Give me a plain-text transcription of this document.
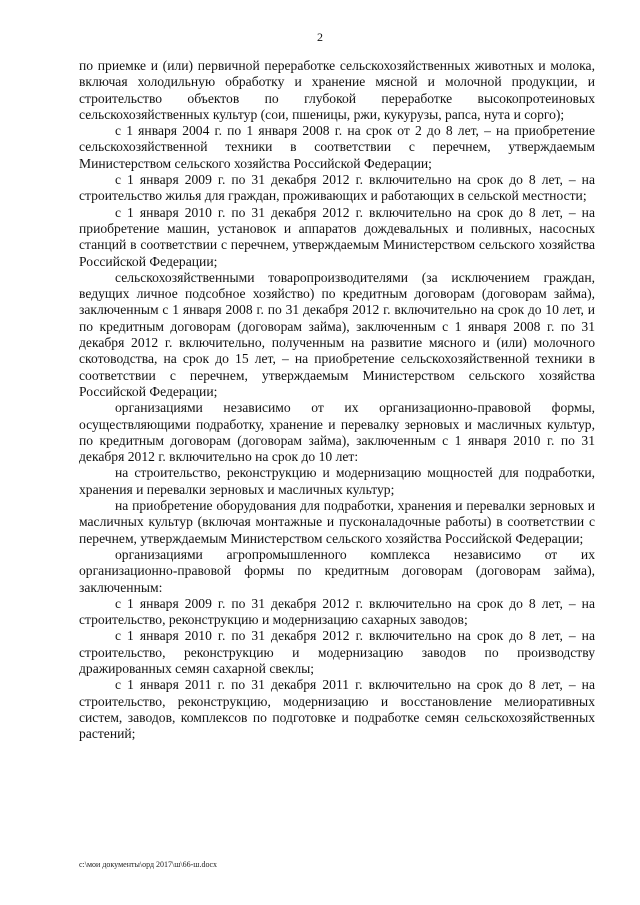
2

по приемке и (или) первичной переработке сельскохозяйственных животных и молока, включая холодильную обработку и хранение мясной и молочной продукции, и строительство объектов по глубокой переработке высокопротеиновых сельскохозяйственных культур (сои, пшеницы, ржи, кукурузы, рапса, нута и сорго);

с 1 января 2004 г. по 1 января 2008 г. на срок от 2 до 8 лет, – на приобретение сельскохозяйственной техники в соответствии с перечнем, утверждаемым Министерством сельского хозяйства Российской Федерации;

с 1 января 2009 г. по 31 декабря 2012 г. включительно на срок до 8 лет, – на строительство жилья для граждан, проживающих и работающих в сельской местности;

с 1 января 2010 г. по 31 декабря 2012 г. включительно на срок до 8 лет, – на приобретение машин, установок и аппаратов дождевальных и поливных, насосных станций в соответствии с перечнем, утверждаемым Министерством сельского хозяйства Российской Федерации;

сельскохозяйственными товаропроизводителями (за исключением граждан, ведущих личное подсобное хозяйство) по кредитным договорам (договорам займа), заключенным с 1 января 2008 г. по 31 декабря 2012 г. включительно на срок до 10 лет, и по кредитным договорам (договорам займа), заключенным с 1 января 2008 г. по 31 декабря 2012 г. включительно, полученным на развитие мясного и (или) молочного скотоводства, на срок до 15 лет, – на приобретение сельскохозяйственной техники в соответствии с перечнем, утверждаемым Министерством сельского хозяйства Российской Федерации;

организациями независимо от их организационно-правовой формы, осуществляющими подработку, хранение и перевалку зерновых и масличных культур, по кредитным договорам (договорам займа), заключенным с 1 января 2010 г. по 31 декабря 2012 г. включительно на срок до 10 лет:

на строительство, реконструкцию и модернизацию мощностей для подработки, хранения и перевалки зерновых и масличных культур;

на приобретение оборудования для подработки, хранения и перевалки зерновых и масличных культур (включая монтажные и пусконаладочные работы) в соответствии с перечнем, утверждаемым Министерством сельского хозяйства Российской Федерации;

организациями агропромышленного комплекса независимо от их организационно-правовой формы по кредитным договорам (договорам займа), заключенным:

с 1 января 2009 г. по 31 декабря 2012 г. включительно на срок до 8 лет, – на строительство, реконструкцию и модернизацию сахарных заводов;

с 1 января 2010 г. по 31 декабря 2012 г. включительно на срок до 8 лет, – на строительство, реконструкцию и модернизацию заводов по производству дражированных семян сахарной свеклы;

с 1 января 2011 г. по 31 декабря 2011 г. включительно на срок до 8 лет, – на строительство, реконструкцию, модернизацию и восстановление мелиоративных систем, заводов, комплексов по подготовке и подработке семян сельскохозяйственных растений;

c:\мои документы\орд 2017\ш\66-ш.docx
